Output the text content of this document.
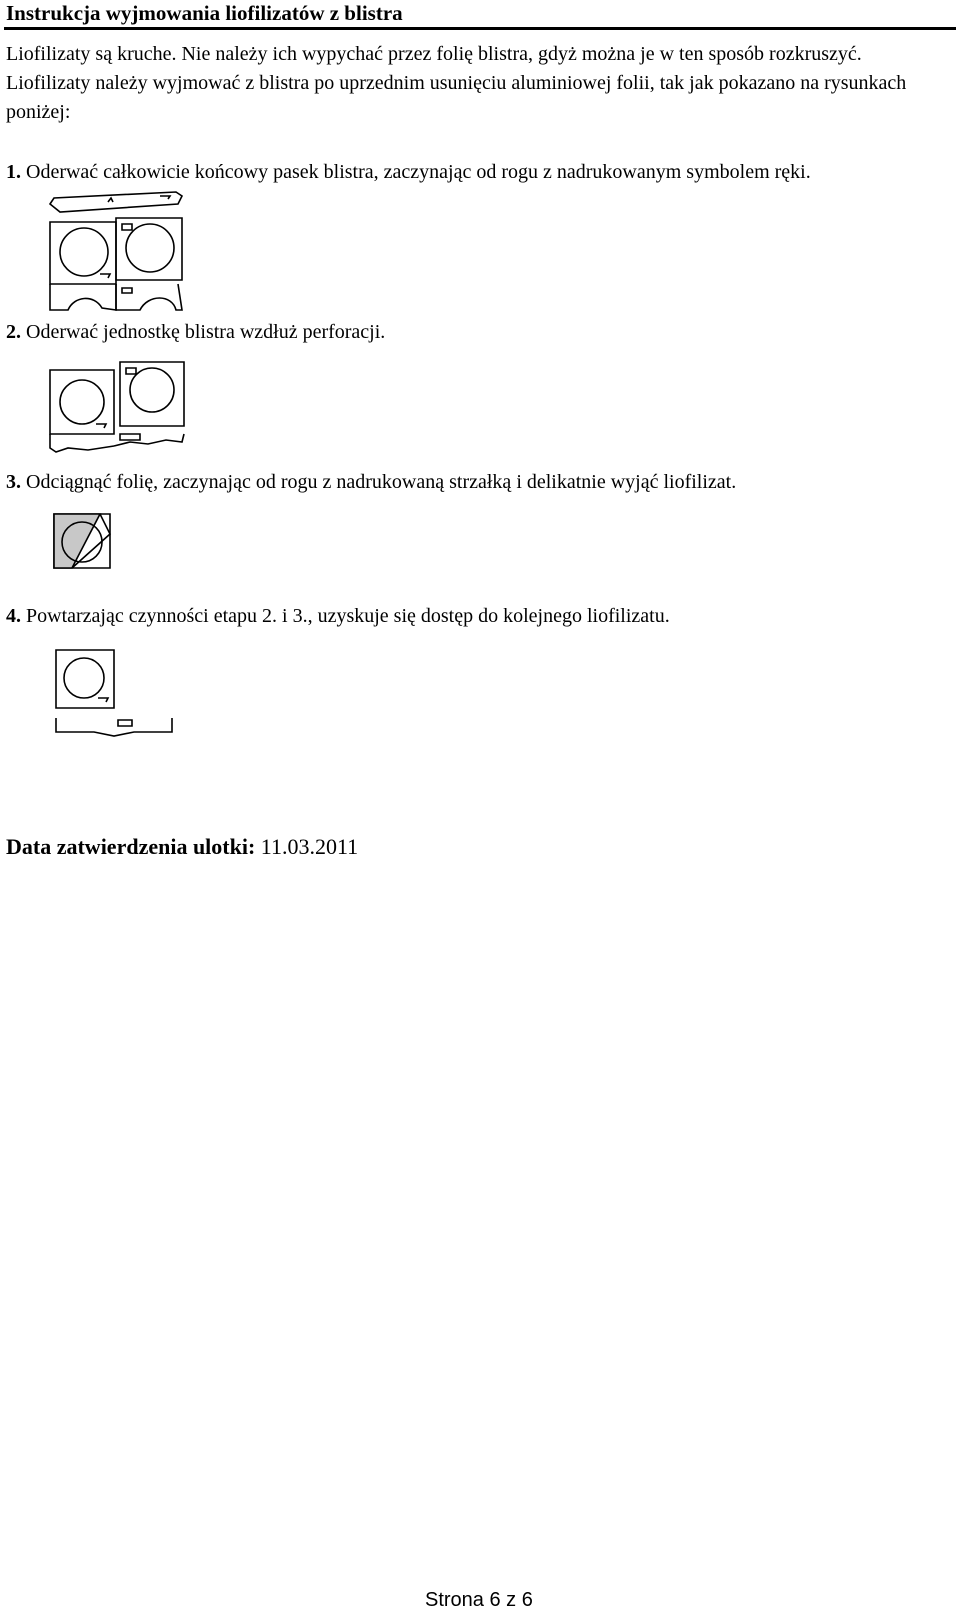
Instrukcja wyjmowania liofilizatów z blistra
Liofilizaty są kruche. Nie należy ich wypychać przez folię blistra, gdyż można je w ten sposób rozkruszyć. Liofilizaty należy wyjmować z blistra po uprzednim usunięciu aluminiowej folii, tak jak pokazano na rysunkach poniżej:
1. Oderwać całkowicie końcowy pasek blistra, zaczynając od rogu z nadrukowanym symbolem ręki.
2. Oderwać jednostkę blistra wzdłuż perforacji.
3. Odciągnąć folię, zaczynając od rogu z nadrukowaną strzałką i delikatnie wyjąć liofilizat.
4. Powtarzając czynności etapu 2. i 3., uzyskuje się dostęp do kolejnego liofilizatu.
Data zatwierdzenia ulotki: 11.03.2011
Strona 6 z 6
